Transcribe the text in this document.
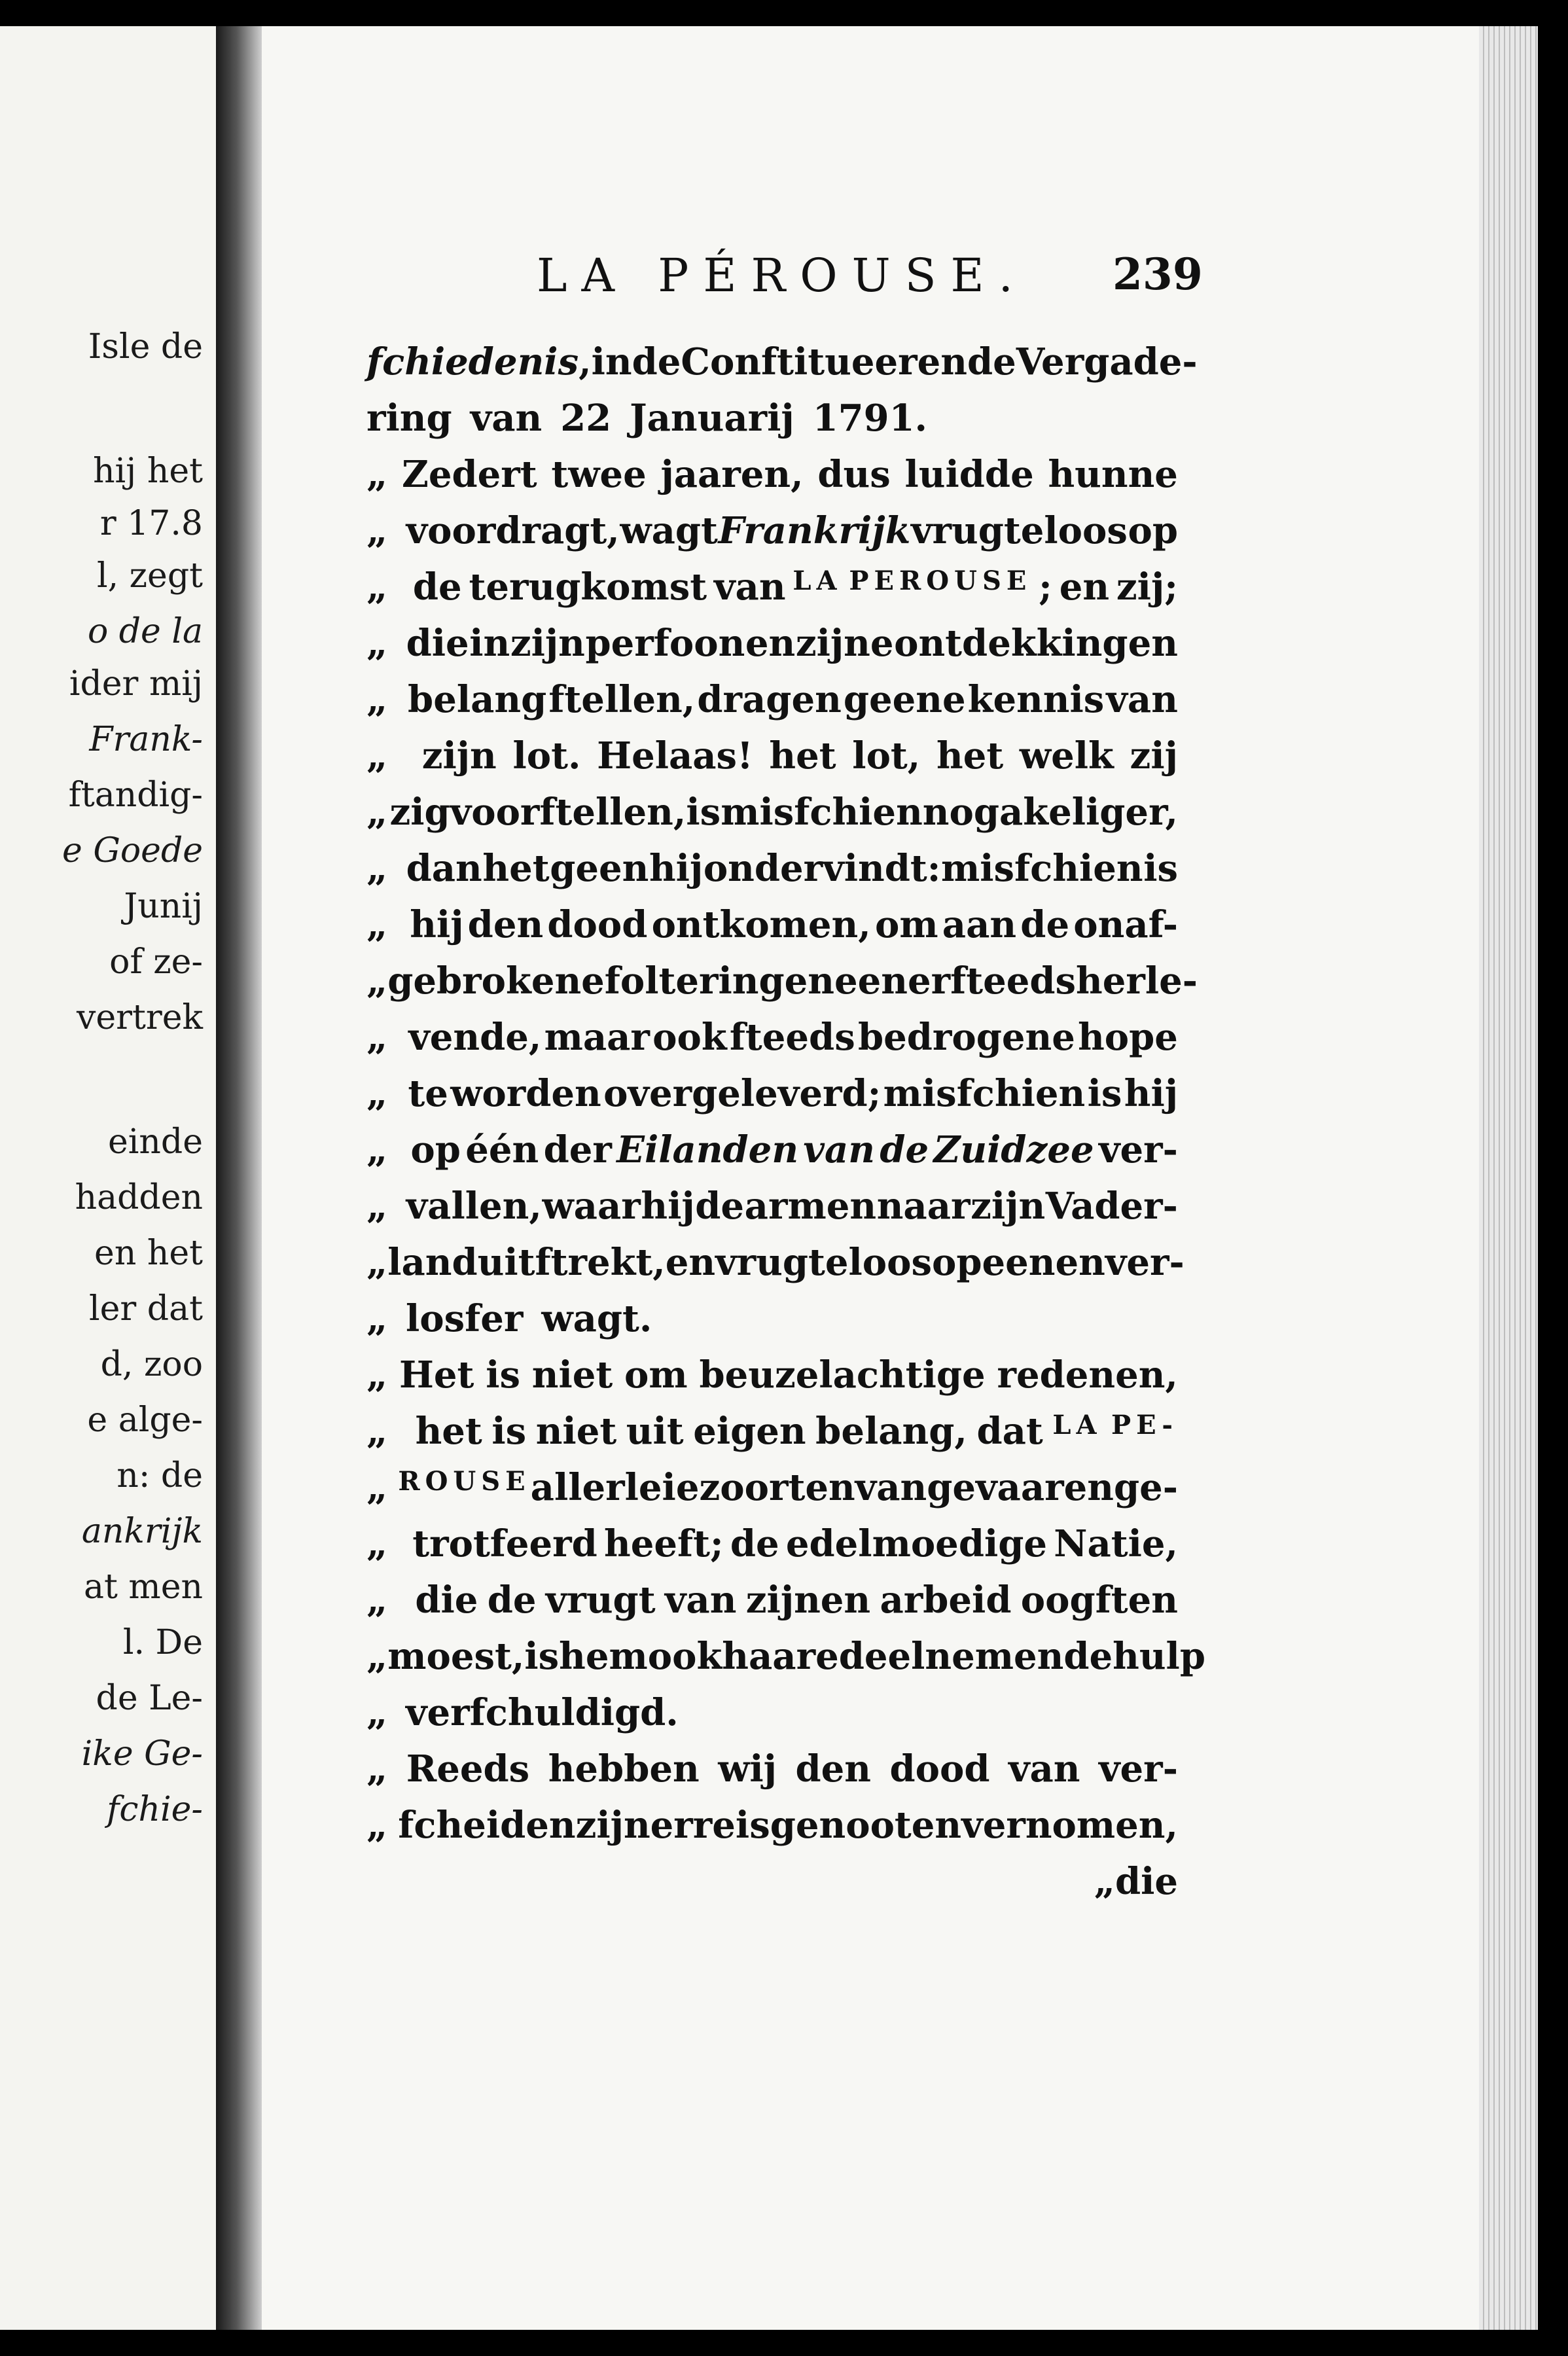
Isle de
hij het
r 17.8
l, zegt
o de la
ider mij
Frank-
ftandig-
e Goede
Junij
of ze-
vertrek
einde
hadden
en het
ler dat
d, zoo
e alge-
n: de
ankrijk
at men
l. De
de Le-
ike Ge-
fchie-
LA PÉROUSE.	239
fchiedenis , in de Conftitueerende Vergade-
ring van 22 Januarij 1791.
„ Zedert twee jaaren, dus luidde hunne
„ voordragt, wagt Frankrijk vrugteloos op
„ de terugkomst van LA PEROUSE ; en zij;
„ die in zijn perfoon en zijne ontdekkingen
„ belang ftellen, dragen geene kennis van
„ zijn lot. Helaas! het lot, het welk zij
„ zig voorftellen, is misfchien nog akeliger,
„ dan het geen hij ondervindt: misfchien is
„ hij den dood ontkomen, om aan de onaf-
„ gebrokene folteringen eener fteeds herle-
„ vende, maar ook fteeds bedrogene hope
„ te worden overgeleverd; misfchien is hij
„ op één der Eilanden van de Zuidzee ver-
„ vallen, waar hij de armen naar zijn Vader-
„ land uitftrekt, en vrugteloos op eenen ver-
„ losfer wagt.
„ Het is niet om beuzelachtige redenen,
„ het is niet uit eigen belang, dat LA PE-
„ ROUSE allerleie zoorten van gevaaren ge-
„ trotfeerd heeft; de edelmoedige Natie,
„ die de vrugt van zijnen arbeid oogften
„ moest, is hem ook haare deelnemende hulp
„ verfchuldigd.
„ Reeds hebben wij den dood van ver-
„ fcheiden zijner reisgenooten vernomen,
„ die
